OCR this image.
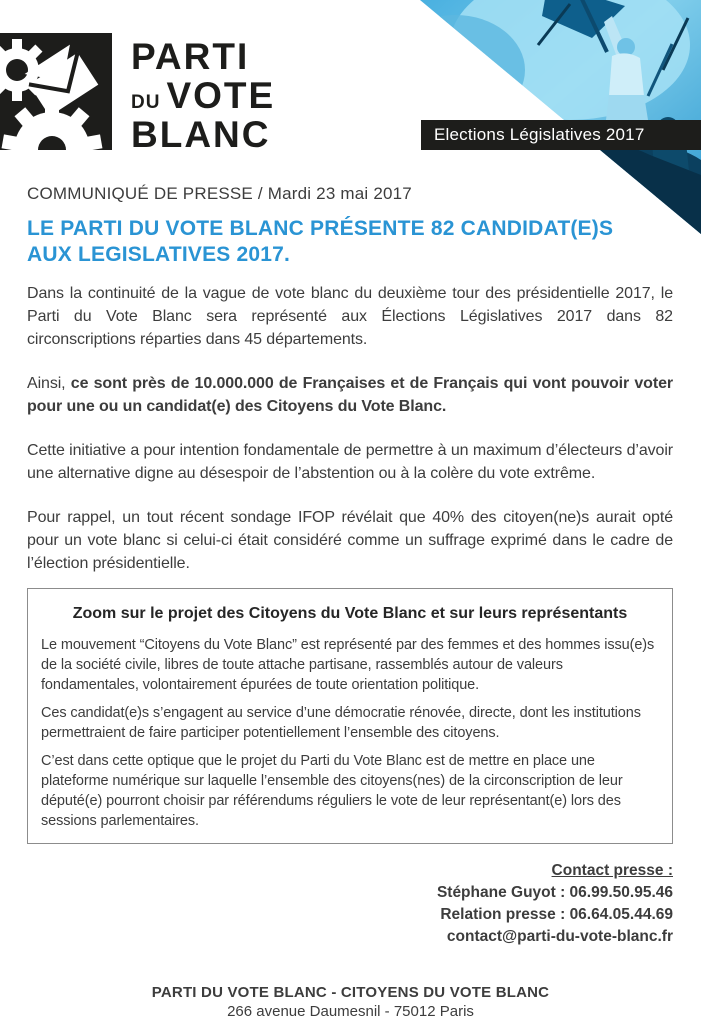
PARTI
DU VOTE
BLANC	Elections Législatives 2017
COMMUNIQUÉ DE PRESSE / Mardi 23 mai 2017
LE PARTI DU VOTE BLANC PRÉSENTE 82 CANDIDAT(E)S
AUX LEGISLATIVES 2017.

Dans la continuité de la vague de vote blanc du deuxième tour des présidentielle 2017, le Parti du Vote Blanc sera représenté aux Élections Législatives 2017 dans 82 circonscriptions réparties dans 45 départements.

Ainsi, ce sont près de 10.000.000 de Françaises et de Français qui vont pouvoir voter pour une ou un candidat(e) des Citoyens du Vote Blanc.

Cette initiative a pour intention fondamentale de permettre à un maximum d’électeurs d’avoir une alternative digne au désespoir de l’abstention ou à la colère du vote extrême.

Pour rappel, un tout récent sondage IFOP révélait que 40% des citoyen(ne)s aurait opté pour un vote blanc si celui-ci était considéré comme un suffrage exprimé dans le cadre de l’élection présidentielle.

Zoom sur le projet des Citoyens du Vote Blanc et sur leurs représentants

Le mouvement “Citoyens du Vote Blanc” est représenté par des femmes et des hommes issu(e)s de la société civile, libres de toute attache partisane, rassemblés autour de valeurs fondamentales, volontairement épurées de toute orientation politique.

Ces candidat(e)s s’engagent au service d’une démocratie rénovée, directe, dont les institutions permettraient de faire participer potentiellement l’ensemble des citoyens.

C’est dans cette optique que le projet du Parti du Vote Blanc est de mettre en place une plateforme numérique sur laquelle l’ensemble des citoyens(nes) de la circonscription de leur député(e) pourront choisir par référendums réguliers le vote de leur représentant(e) lors des sessions parlementaires.

Contact presse :
Stéphane Guyot : 06.99.50.95.46
Relation presse : 06.64.05.44.69
contact@parti-du-vote-blanc.fr
PARTI DU VOTE BLANC - CITOYENS DU VOTE BLANC
266 avenue Daumesnil - 75012 Paris
